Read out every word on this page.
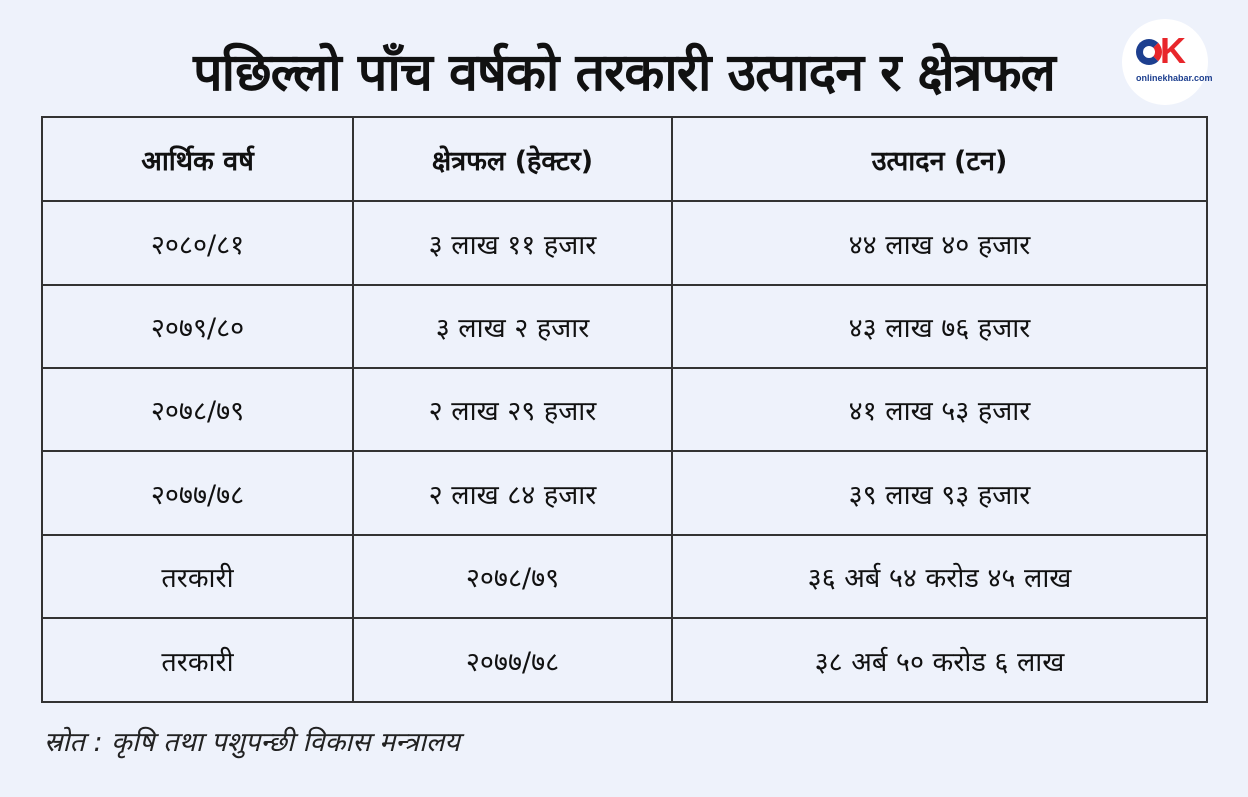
पछिल्लो पाँच वर्षको तरकारी उत्पादन र क्षेत्रफल	K
onlinekhabar.com
आर्थिक वर्ष	क्षेत्रफल (हेक्टर)	उत्पादन (टन)
२०८०/८१	३ लाख ११ हजार	४४ लाख ४० हजार
२०७९/८०	३ लाख २ हजार	४३ लाख ७६ हजार
२०७८/७९	२ लाख २९ हजार	४१ लाख ५३ हजार
२०७७/७८	२ लाख ८४ हजार	३९ लाख ९३ हजार
तरकारी	२०७८/७९	३६ अर्ब ५४ करोड ४५ लाख
तरकारी	२०७७/७८	३८ अर्ब ५० करोड ६ लाख
स्रोत : कृषि तथा पशुपन्छी विकास मन्त्रालय
